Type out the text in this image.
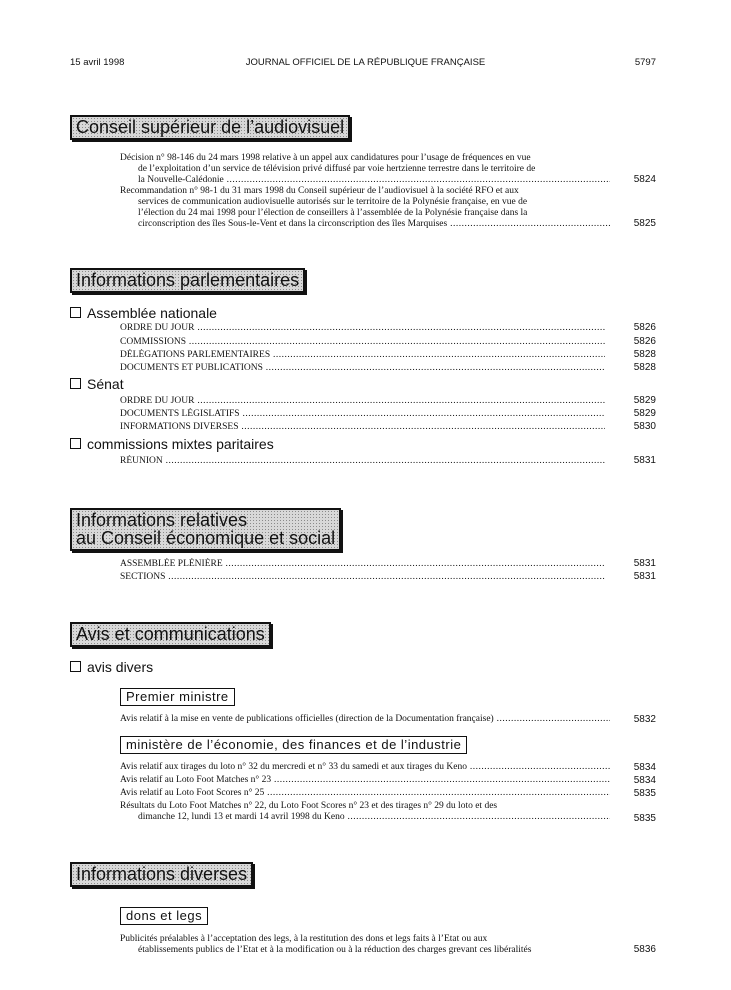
15 avril 1998	JOURNAL OFFICIEL DE LA RÉPUBLIQUE FRANÇAISE	5797
Conseil supérieur de l’audiovisuel
Décision n° 98-146 du 24 mars 1998 relative à un appel aux candidatures pour l’usage de fréquences en vue
de l’exploitation d’un service de télévision privé diffusé par voie hertzienne terrestre dans le territoire de
la Nouvelle-Calédonie .....	5824
Recommandation n° 98-1 du 31 mars 1998 du Conseil supérieur de l’audiovisuel à la société RFO et aux
services de communication audiovisuelle autorisés sur le territoire de la Polynésie française, en vue de
l’élection du 24 mai 1998 pour l’élection de conseillers à l’assemblée de la Polynésie française dans la
circonscription des îles Sous-le-Vent et dans la circonscription des îles Marquises .....	5825
Informations parlementaires
Assemblée nationale
ORDRE DU JOUR .....	5826
COMMISSIONS .....	5826
DÉLÉGATIONS PARLEMENTAIRES .....	5828
DOCUMENTS ET PUBLICATIONS .....	5828
Sénat
ORDRE DU JOUR .....	5829
DOCUMENTS LÉGISLATIFS .....	5829
INFORMATIONS DIVERSES .....	5830
commissions mixtes paritaires
RÉUNION .....	5831
Informations relatives
au Conseil économique et social
ASSEMBLÉE PLÉNIÈRE .....	5831
SECTIONS .....	5831
Avis et communications
avis divers
Premier ministre
Avis relatif à la mise en vente de publications officielles (direction de la Documentation française) .....	5832
ministère de l’économie, des finances et de l’industrie
Avis relatif aux tirages du loto n° 32 du mercredi et n° 33 du samedi et aux tirages du Keno .....	5834
Avis relatif au Loto Foot Matches n° 23 .....	5834
Avis relatif au Loto Foot Scores n° 25 .....	5835
Résultats du Loto Foot Matches n° 22, du Loto Foot Scores n° 23 et des tirages n° 29 du loto et des
dimanche 12, lundi 13 et mardi 14 avril 1998 du Keno .....	5835
Informations diverses
dons et legs
Publicités préalables à l’acceptation des legs, à la restitution des dons et legs faits à l’Etat ou aux
établissements publics de l’Etat et à la modification ou à la réduction des charges grevant ces libéralités	5836
